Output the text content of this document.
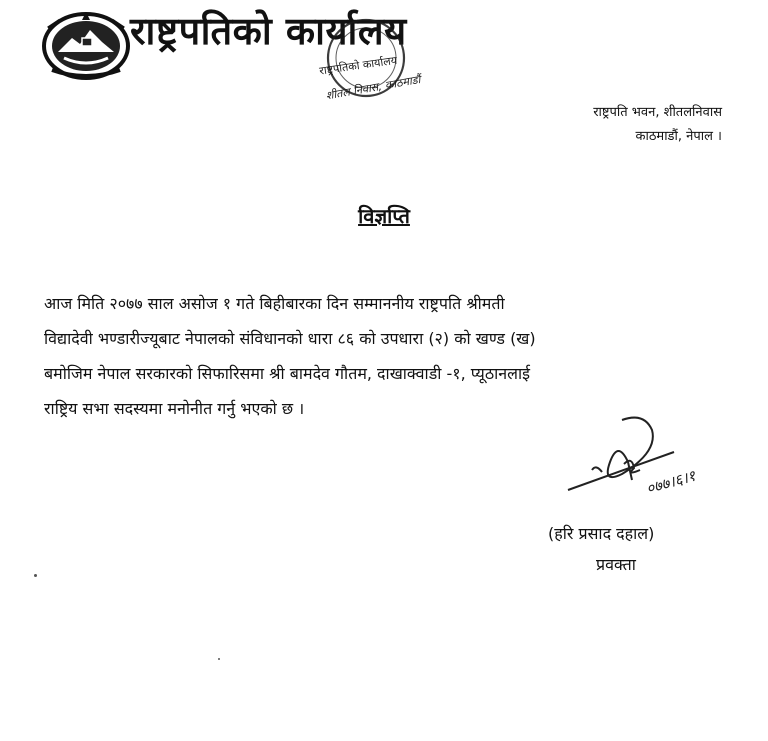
राष्ट्रपतिको कार्यालय
राष्ट्रपतिको कार्यालय
शीतल निवास, काठमाडौं
राष्ट्रपति भवन, शीतलनिवास
काठमाडौं, नेपाल ।
विज्ञप्ति
आज मिति २०७७ साल असोज १ गते बिहीबारका दिन सम्माननीय राष्ट्रपति श्रीमती
विद्यादेवी भण्डारीज्यूबाट नेपालको संविधानको धारा ८६ को उपधारा (२) को खण्ड (ख)
बमोजिम नेपाल सरकारको सिफारिसमा श्री बामदेव गौतम, दाखाक्वाडी -१, प्यूठानलाई
राष्ट्रिय सभा सदस्यमा मनोनीत गर्नु भएको छ ।
०७७।६।१
(हरि प्रसाद दहाल)
प्रवक्ता
